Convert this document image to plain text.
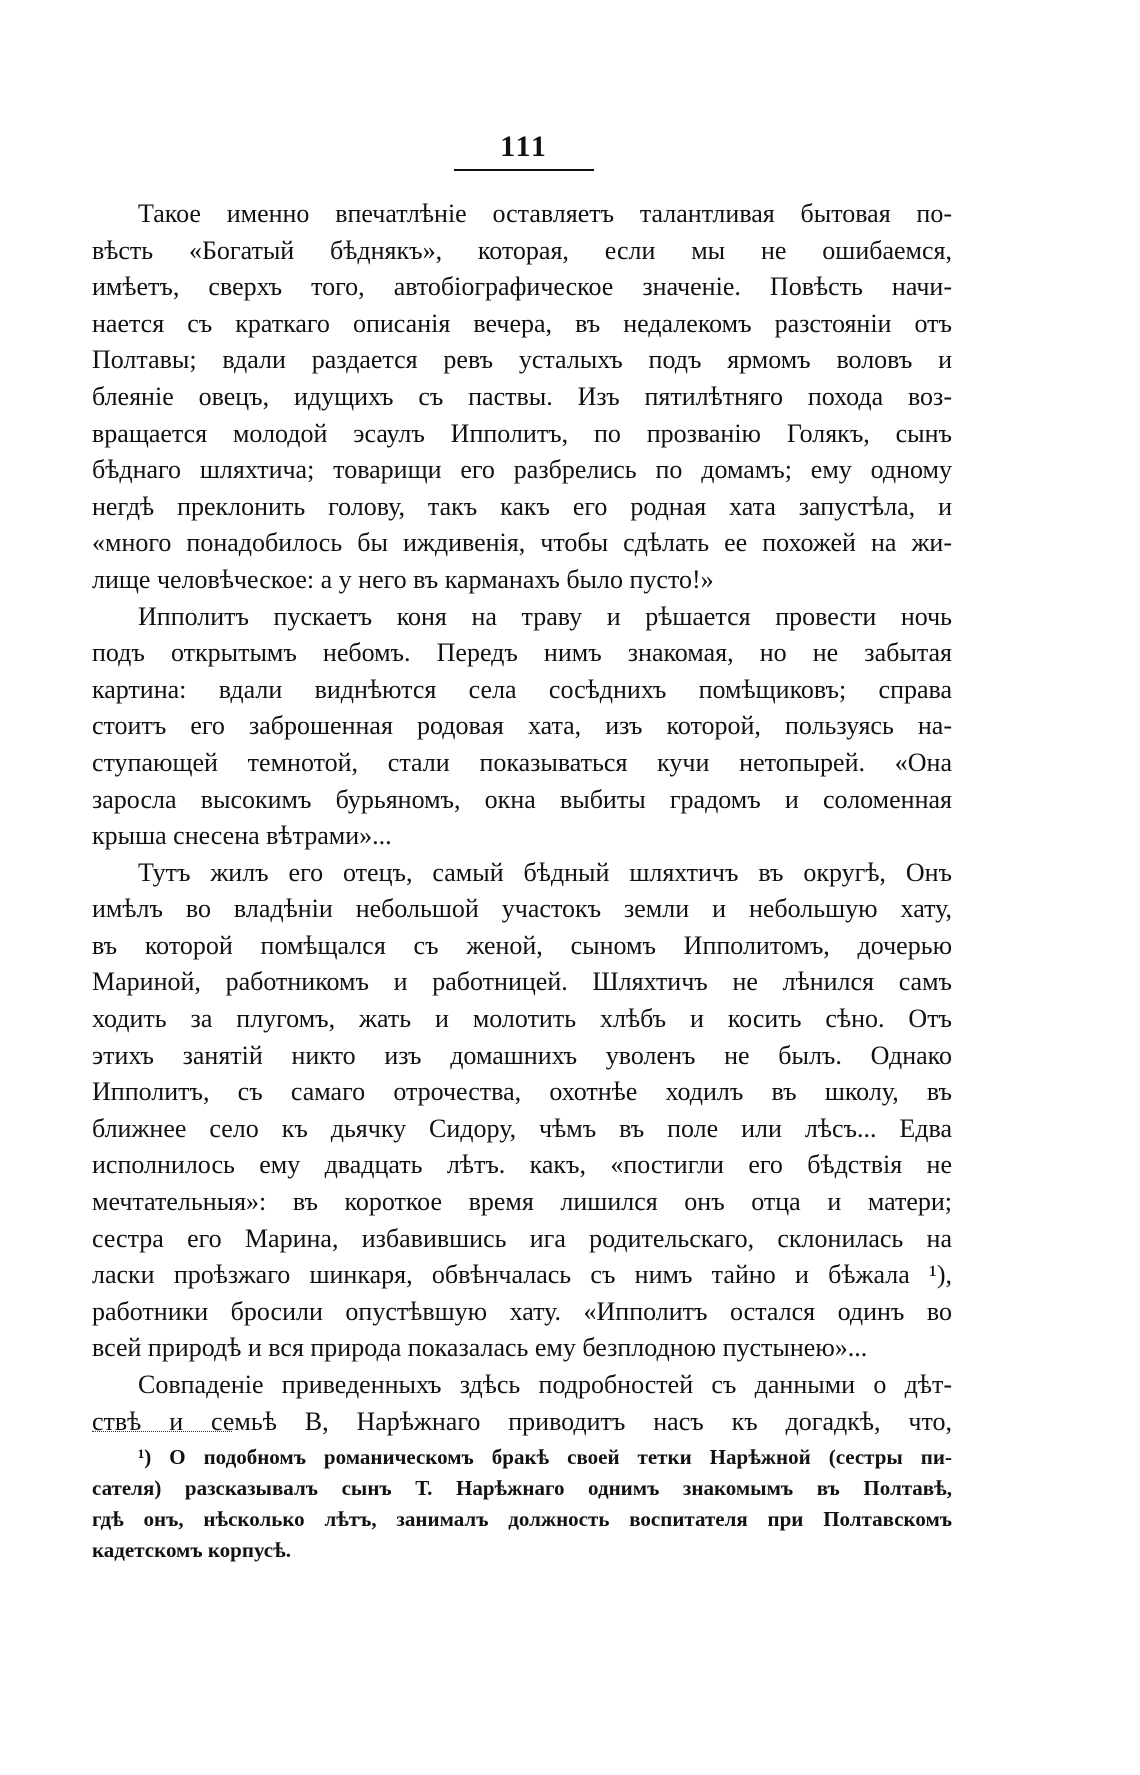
111
Такое именно впечатлѣніе оставляетъ талантливая бытовая по-
вѣсть «Богатый бѣднякъ», которая, если мы не ошибаемся,
имѣетъ, сверхъ того, автобіографическое значеніе. Повѣсть начи-
нается съ краткаго описанія вечера, въ недалекомъ разстояніи отъ
Полтавы; вдали раздается ревъ усталыхъ подъ ярмомъ воловъ и
блеяніе овецъ, идущихъ съ паствы. Изъ пятилѣтняго похода воз-
вращается молодой эсаулъ Ипполитъ, по прозванію Голякъ, сынъ
бѣднаго шляхтича; товарищи его разбрелись по домамъ; ему одному
негдѣ преклонить голову, такъ какъ его родная хата запустѣла, и
«много понадобилось бы иждивенія, чтобы сдѣлать ее похожей на жи-
лище человѣческое: а у него въ карманахъ было пусто!»
Ипполитъ пускаетъ коня на траву и рѣшается провести ночь
подъ открытымъ небомъ. Передъ нимъ знакомая, но не забытая
картина: вдали виднѣются села сосѣднихъ помѣщиковъ; справа
стоитъ его заброшенная родовая хата, изъ которой, пользуясь на-
ступающей темнотой, стали показываться кучи нетопырей. «Она
заросла высокимъ бурьяномъ, окна выбиты градомъ и соломенная
крыша снесена вѣтрами»...
Тутъ жилъ его отецъ, самый бѣдный шляхтичъ въ округѣ, Онъ
имѣлъ во владѣніи небольшой участокъ земли и небольшую хату,
въ которой помѣщался съ женой, сыномъ Ипполитомъ, дочерью
Мариной, работникомъ и работницей. Шляхтичъ не лѣнился самъ
ходить за плугомъ, жать и молотить хлѣбъ и косить сѣно. Отъ
этихъ занятій никто изъ домашнихъ уволенъ не былъ. Однако
Ипполитъ, съ самаго отрочества, охотнѣе ходилъ въ школу, въ
ближнее село къ дьячку Сидору, чѣмъ въ поле или лѣсъ... Едва
исполнилось ему двадцать лѣтъ. какъ, «постигли его бѣдствія не
мечтательныя»: въ короткое время лишился онъ отца и матери;
сестра его Марина, избавившись ига родительскаго, склонилась на
ласки проѣзжаго шинкаря, обвѣнчалась съ нимъ тайно и бѣжала ¹),
работники бросили опустѣвшую хату. «Ипполитъ остался одинъ во
всей природѣ и вся природа показалась ему безплодною пустынею»...
Совпаденіе приведенныхъ здѣсь подробностей съ данными о дѣт-
ствѣ и семьѣ В, Нарѣжнаго приводитъ насъ къ догадкѣ, что,
¹) О подобномъ романическомъ бракѣ своей тетки Нарѣжной (сестры пи-
сателя) разсказывалъ сынъ Т. Нарѣжнаго однимъ знакомымъ въ Полтавѣ,
гдѣ онъ, нѣсколько лѣтъ, занималъ должность воспитателя при Полтавскомъ
кадетскомъ корпусѣ.
